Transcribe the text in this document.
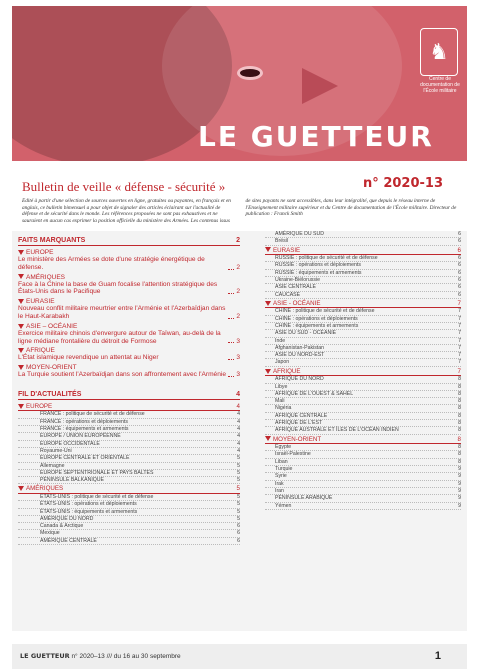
LE GUETTEUR
♞
Centre de documentation de l'École militaire
Bulletin de veille « défense - sécurité »	n° 2020-13
Édité à partir d'une sélection de sources ouvertes en ligne, gratuites ou payantes, en français et en anglais, ce bulletin bimensuel a pour objet de signaler des articles éclairant sur l'actualité de défense et de sécurité dans le monde. Les références proposées ne sont pas exhaustives et ne sauraient en aucun cas exprimer la position officielle du ministère des Armées. Les contenus issus de sites payants ne sont accessibles, dans leur intégralité, que depuis le réseau interne de l'Enseignement militaire supérieur et du Centre de documentation de l'École militaire. Directeur de publication : Franck Smith
FAITS MARQUANTS	2
EUROPE
Le ministère des Armées se dote d'une stratégie énergétique de défense.	2
AMÉRIQUES
Face à la Chine la base de Guam focalise l'attention stratégique des États-Unis dans le Pacifique	2
EURASIE
Nouveau conflit militaire meurtrier entre l'Arménie et l'Azerbaïdjan dans le Haut-Karabakh	2
ASIE – OCÉANIE
Exercice militaire chinois d'envergure autour de Taïwan, au-delà de la ligne médiane frontalière du détroit de Formose	3
AFRIQUE
L'État islamique revendique un attentat au Niger	3
MOYEN-ORIENT
La Turquie soutient l'Azerbaïdjan dans son affrontement avec l'Arménie 3
FIL D'ACTUALITÉS	4
EUROPE	4
FRANCE : politique de sécurité et de défense	4
FRANCE : opérations et déploiements	4
FRANCE : équipements et armements	4
EUROPE / UNION EUROPÉENNE	4
EUROPE OCCIDENTALE	4
Royaume-Uni	4
EUROPE CENTRALE ET ORIENTALE	5
Allemagne	5
EUROPE SEPTENTRIONALE ET PAYS BALTES	5
PÉNINSULE BALKANIQUE	5
AMÉRIQUES	5
ÉTATS-UNIS : politique de sécurité et de défense	5
ÉTATS-UNIS : opérations et déploiements	5
ÉTATS-UNIS : équipements et armements	5
AMÉRIQUE DU NORD	5
Canada & Arctique	6
Mexique	6
AMÉRIQUE CENTRALE	6
AMÉRIQUE DU SUD	6
Brésil	6
EURASIE	6
RUSSIE : politique de sécurité et de défense	6
RUSSIE : opérations et déploiements	6
RUSSIE : équipements et armements	6
Ukraine-Biélorussie	6
ASIE CENTRALE	6
CAUCASE	6
ASIE - OCÉANIE	7
CHINE : politique de sécurité et de défense	7
CHINE : opérations et déploiements	7
CHINE : équipements et armements	7
ASIE DU SUD - OCÉANIE	7
Inde	7
Afghanistan-Pakistan	7
ASIE DU NORD-EST	7
Japon	7
AFRIQUE	7
AFRIQUE DU NORD	8
Libye	8
AFRIQUE DE L'OUEST & SAHEL	8
Mali	8
Nigéria	8
AFRIQUE CENTRALE	8
AFRIQUE DE L'EST	8
AFRIQUE AUSTRALE ET ÎLES DE L'OCÉAN INDIEN	8
MOYEN-ORIENT	8
Égypte	8
Israël-Palestine	8
Liban	8
Turquie	9
Syrie	9
Irak	9
Iran	9
PÉNINSULE ARABIQUE	9
Yémen	9
LE GUETTEUR n° 2020–13 /// du 16 au 30 septembre	1
